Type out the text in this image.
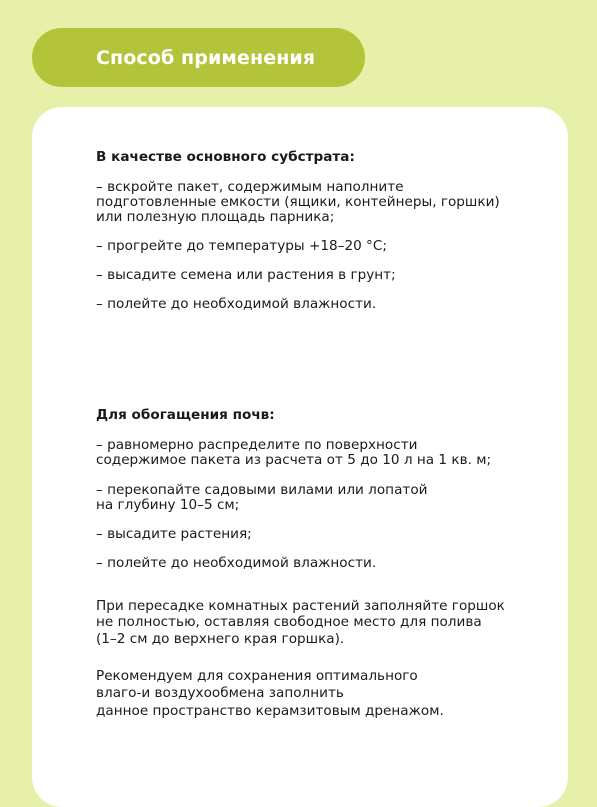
Способ применения
В качестве основного субстрата:
– вскройте пакет, содержимым наполните
подготовленные емкости (ящики, контейнеры, горшки)
или полезную площадь парника;
– прогрейте до температуры +18–20 °С;
– высадите семена или растения в грунт;
– полейте до необходимой влажности.
Для обогащения почв:
– равномерно распределите по поверхности
содержимое пакета из расчета от 5 до 10 л на 1 кв. м;
– перекопайте садовыми вилами или лопатой
на глубину 10–5 см;
– высадите растения;
– полейте до необходимой влажности.
При пересадке комнатных растений заполняйте горшок
не полностью, оставляя свободное место для полива
(1–2 см до верхнего края горшка).
Рекомендуем для сохранения оптимального
влаго-и воздухообмена заполнить
данное пространство керамзитовым дренажом.
